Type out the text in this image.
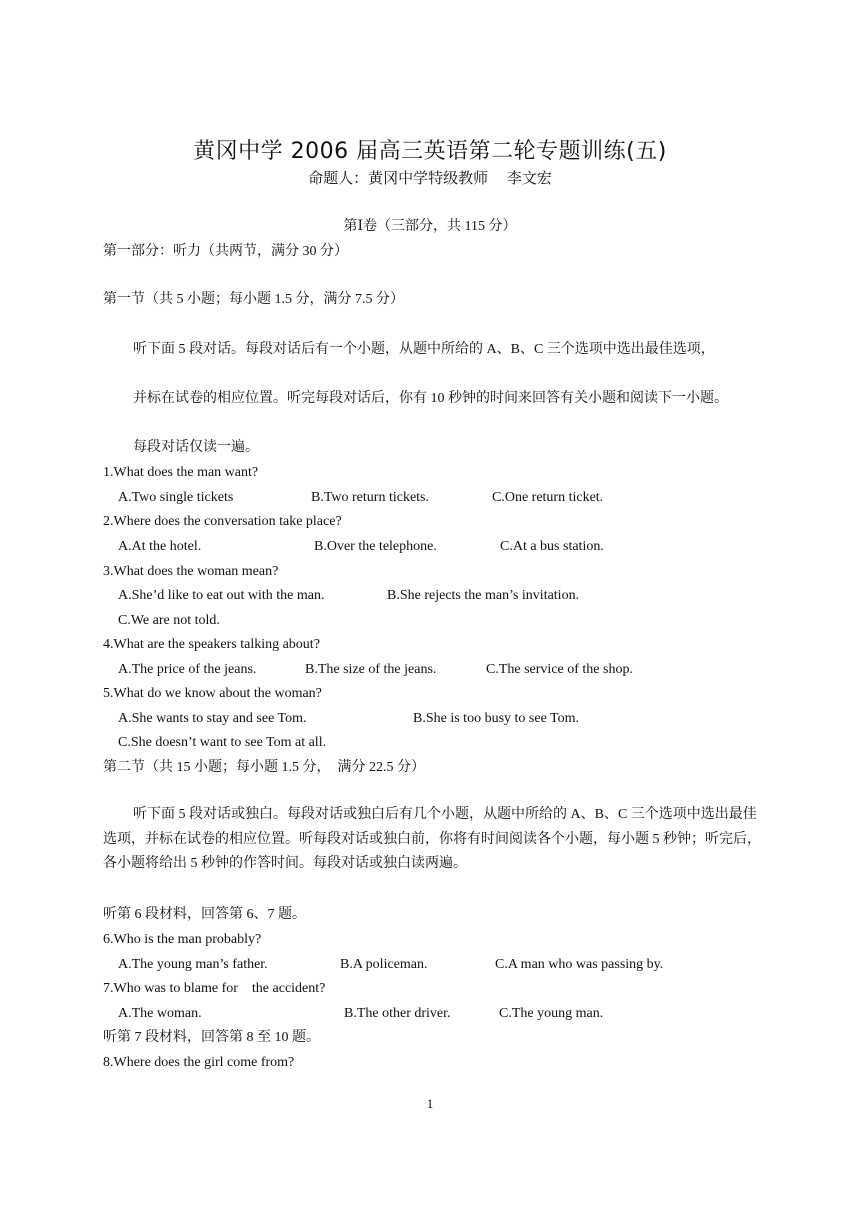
黄冈中学 2006 届高三英语第二轮专题训练(五)
命题人：黄冈中学特级教师　 李文宏
第Ⅰ卷（三部分，共 115 分）
第一部分：听力（共两节，满分 30 分）
第一节（共 5 小题；每小题 1.5 分，满分 7.5 分）
听下面 5 段对话。每段对话后有一个小题，从题中所给的 A、B、C 三个选项中选出最佳选项，
并标在试卷的相应位置。听完每段对话后，你有 10 秒钟的时间来回答有关小题和阅读下一小题。
每段对话仅读一遍。
1.What does the man want?
A.Two single tickets	B.Two return tickets.	C.One return ticket.
2.Where does the conversation take place?
A.At the hotel.	B.Over the telephone.	C.At a bus station.
3.What does the woman mean?
A.She’d like to eat out with the man.	B.She rejects the man’s invitation.
C.We are not told.
4.What are the speakers talking about?
A.The price of the jeans.	B.The size of the jeans.	C.The service of the shop.
5.What do we know about the woman?
A.She wants to stay and see Tom.	B.She is too busy to see Tom.
C.She doesn’t want to see Tom at all.
第二节（共 15 小题；每小题 1.5 分，　满分 22.5 分）
听下面 5 段对话或独白。每段对话或独白后有几个小题，从题中所给的 A、B、C 三个选项中选出最佳选项，并标在试卷的相应位置。听每段对话或独白前，你将有时间阅读各个小题，每小题 5 秒钟；听完后，各小题将给出 5 秒钟的作答时间。每段对话或独白读两遍。
听第 6 段材料，回答第 6、7 题。
6.Who is the man probably?
A.The young man’s father.	B.A policeman.	C.A man who was passing by.
7.Who was to blame for　the accident?
A.The woman.	B.The other driver.	C.The young man.
听第 7 段材料，回答第 8 至 10 题。
8.Where does the girl come from?
1
